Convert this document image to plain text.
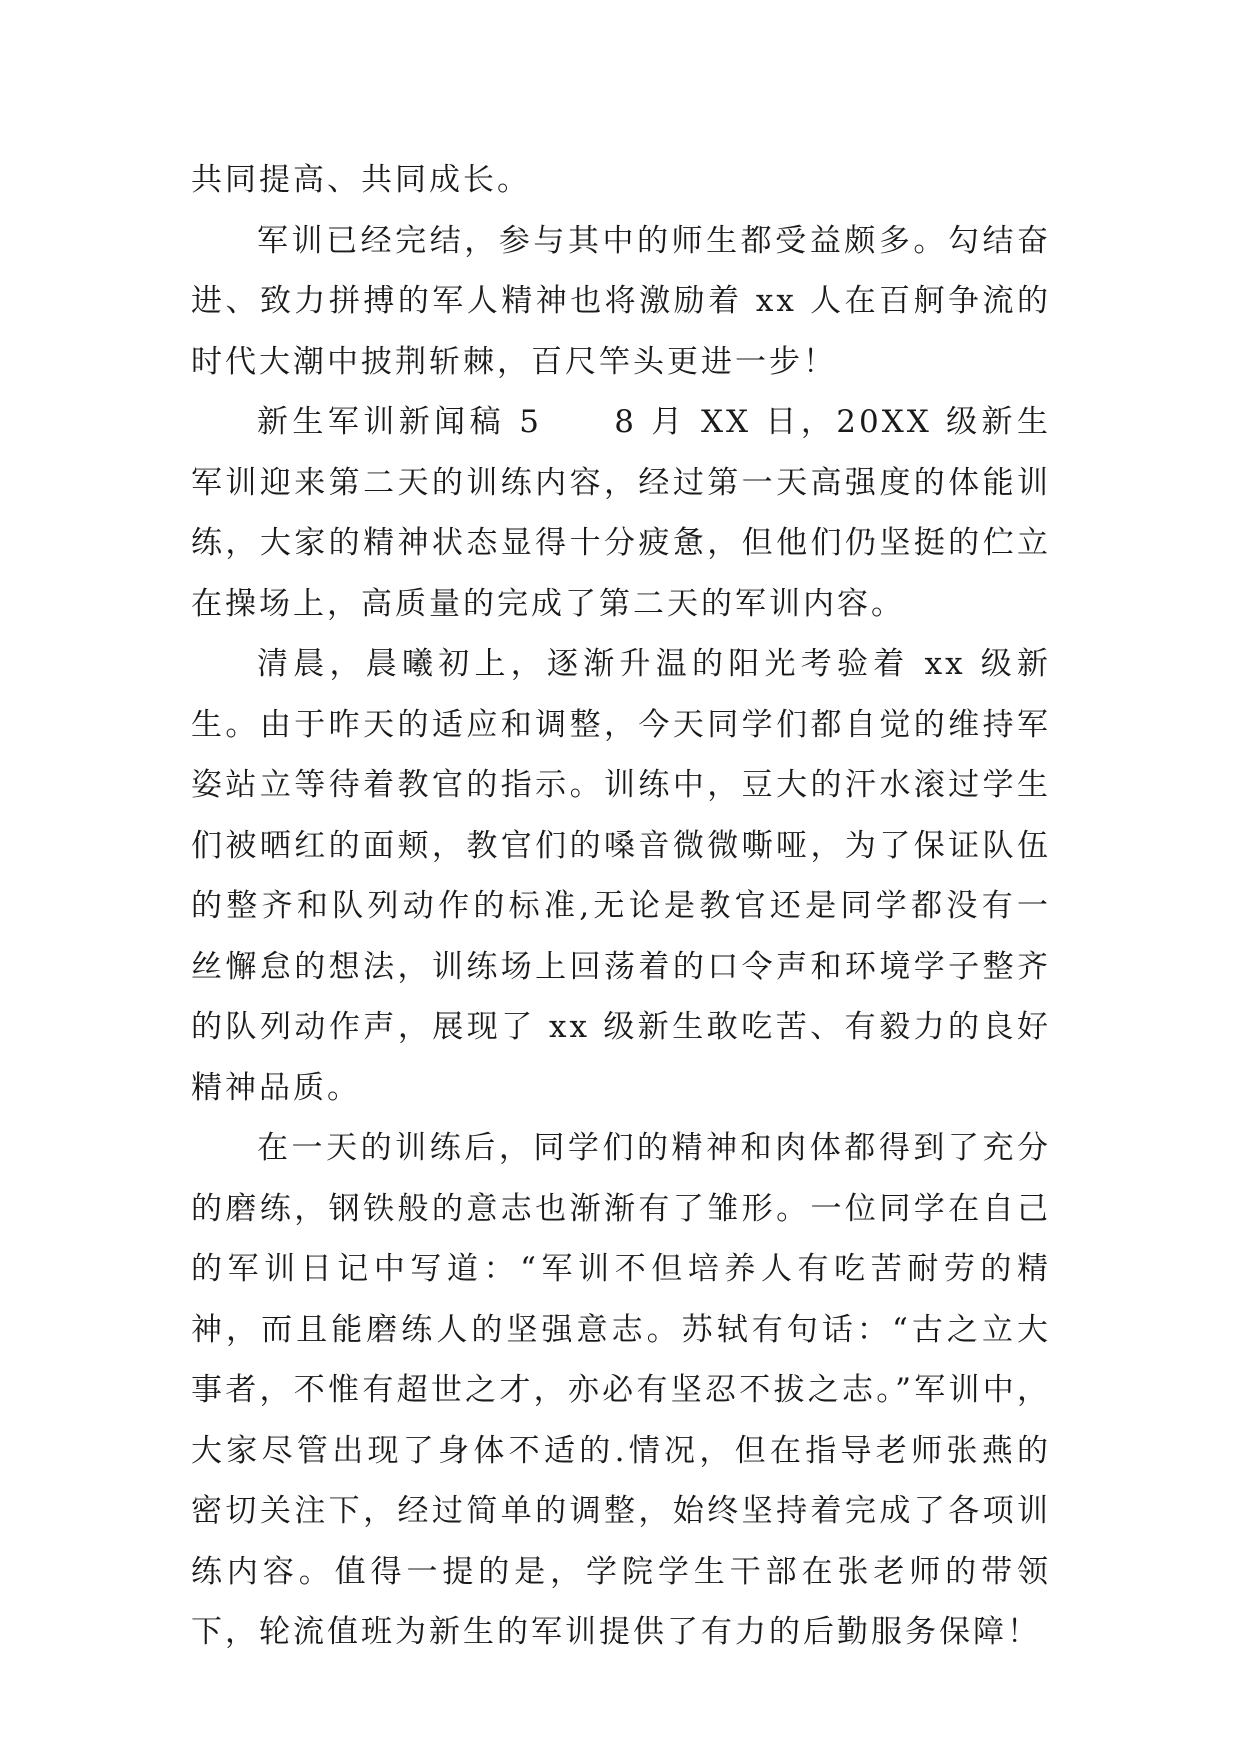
共同提高、共同成长。

军训已经完结，参与其中的师生都受益颇多。勾结奋进、致力拼搏的军人精神也将激励着 xx 人在百舸争流的时代大潮中披荆斩棘，百尺竿头更进一步！

新生军训新闻稿 5　　8 月 XX 日，20XX 级新生军训迎来第二天的训练内容，经过第一天高强度的体能训练，大家的精神状态显得十分疲惫，但他们仍坚挺的伫立在操场上，高质量的完成了第二天的军训内容。

清晨，晨曦初上，逐渐升温的阳光考验着 xx 级新生。由于昨天的适应和调整，今天同学们都自觉的维持军姿站立等待着教官的指示。训练中，豆大的汗水滚过学生们被晒红的面颊，教官们的嗓音微微嘶哑，为了保证队伍的整齐和队列动作的标准,无论是教官还是同学都没有一丝懈怠的想法，训练场上回荡着的口令声和环境学子整齐的队列动作声，展现了 xx 级新生敢吃苦、有毅力的良好精神品质。

在一天的训练后，同学们的精神和肉体都得到了充分的磨练，钢铁般的意志也渐渐有了雏形。一位同学在自己的军训日记中写道：“军训不但培养人有吃苦耐劳的精神，而且能磨练人的坚强意志。苏轼有句话：“古之立大事者，不惟有超世之才，亦必有坚忍不拔之志。”军训中，大家尽管出现了身体不适的.情况，但在指导老师张燕的密切关注下，经过简单的调整，始终坚持着完成了各项训练内容。值得一提的是，学院学生干部在张老师的带领下，轮流值班为新生的军训提供了有力的后勤服务保障！
